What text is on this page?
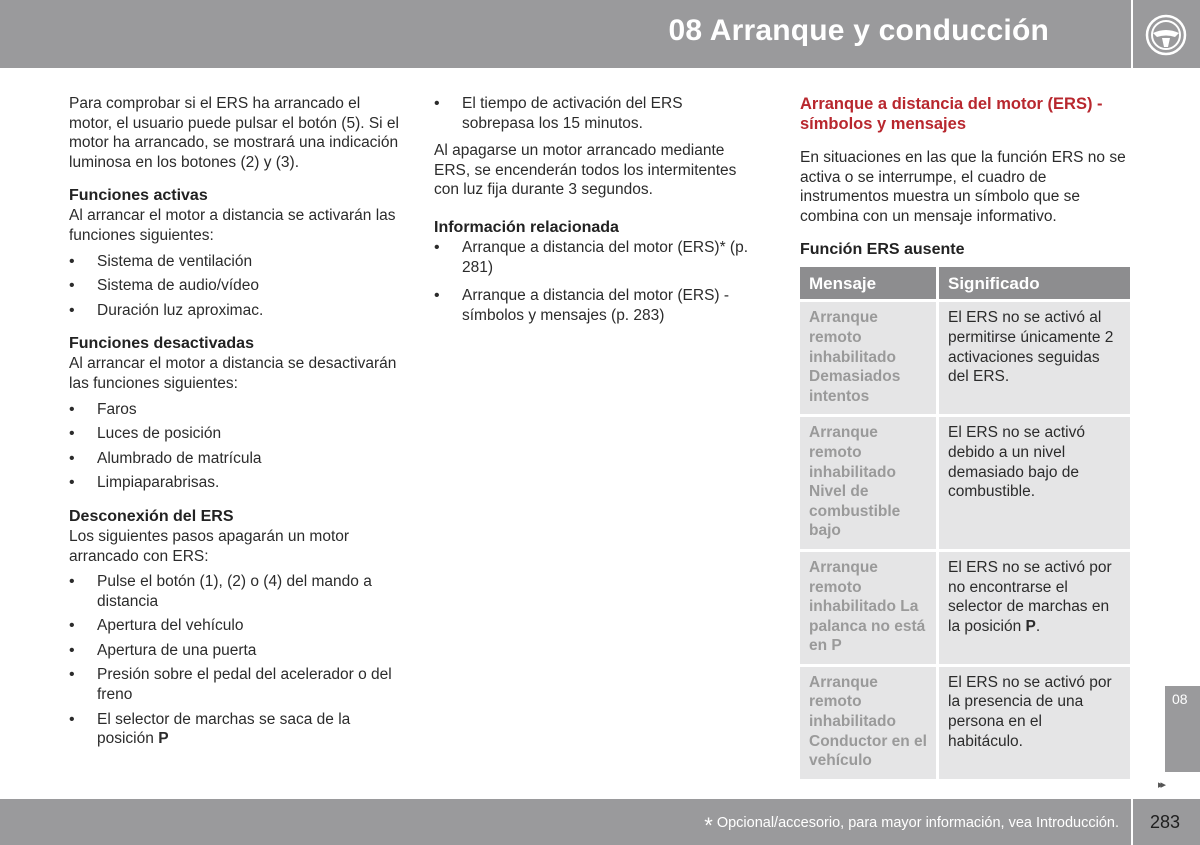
08 Arranque y conducción

Para comprobar si el ERS ha arrancado el motor, el usuario puede pulsar el botón (5). Si el motor ha arrancado, se mostrará una indicación luminosa en los botones (2) y (3).

Funciones activas
Al arrancar el motor a distancia se activarán las funciones siguientes:
• Sistema de ventilación
• Sistema de audio/vídeo
• Duración luz aproximac.
Funciones desactivadas
Al arrancar el motor a distancia se desactivarán las funciones siguientes:
• Faros
• Luces de posición
• Alumbrado de matrícula
• Limpiaparabrisas.
Desconexión del ERS
Los siguientes pasos apagarán un motor arrancado con ERS:
• Pulse el botón (1), (2) o (4) del mando a distancia
• Apertura del vehículo
• Apertura de una puerta
• Presión sobre el pedal del acelerador o del freno
• El selector de marchas se saca de la posición P
• El tiempo de activación del ERS sobrepasa los 15 minutos.

Al apagarse un motor arrancado mediante ERS, se encenderán todos los intermitentes con luz fija durante 3 segundos.

Información relacionada
• Arranque a distancia del motor (ERS)* (p. 281)
• Arranque a distancia del motor (ERS) - símbolos y mensajes (p. 283)
Arranque a distancia del motor (ERS) - símbolos y mensajes

En situaciones en las que la función ERS no se activa o se interrumpe, el cuadro de instrumentos muestra un símbolo que se combina con un mensaje informativo.

Función ERS ausente
Mensaje	Significado
Arranque remoto inhabilitado Demasiados intentos	El ERS no se activó al permitirse únicamente 2 activaciones seguidas del ERS.
Arranque remoto inhabilitado Nivel de combustible bajo	El ERS no se activó debido a un nivel demasiado bajo de combustible.
Arranque remoto inhabilitado La palanca no está en P	El ERS no se activó por no encontrarse el selector de marchas en la posición P.
Arranque remoto inhabilitado Conductor en el vehículo	El ERS no se activó por la presencia de una persona en el habitáculo.
08
▸▸
* Opcional/accesorio, para mayor información, vea Introducción. 283
